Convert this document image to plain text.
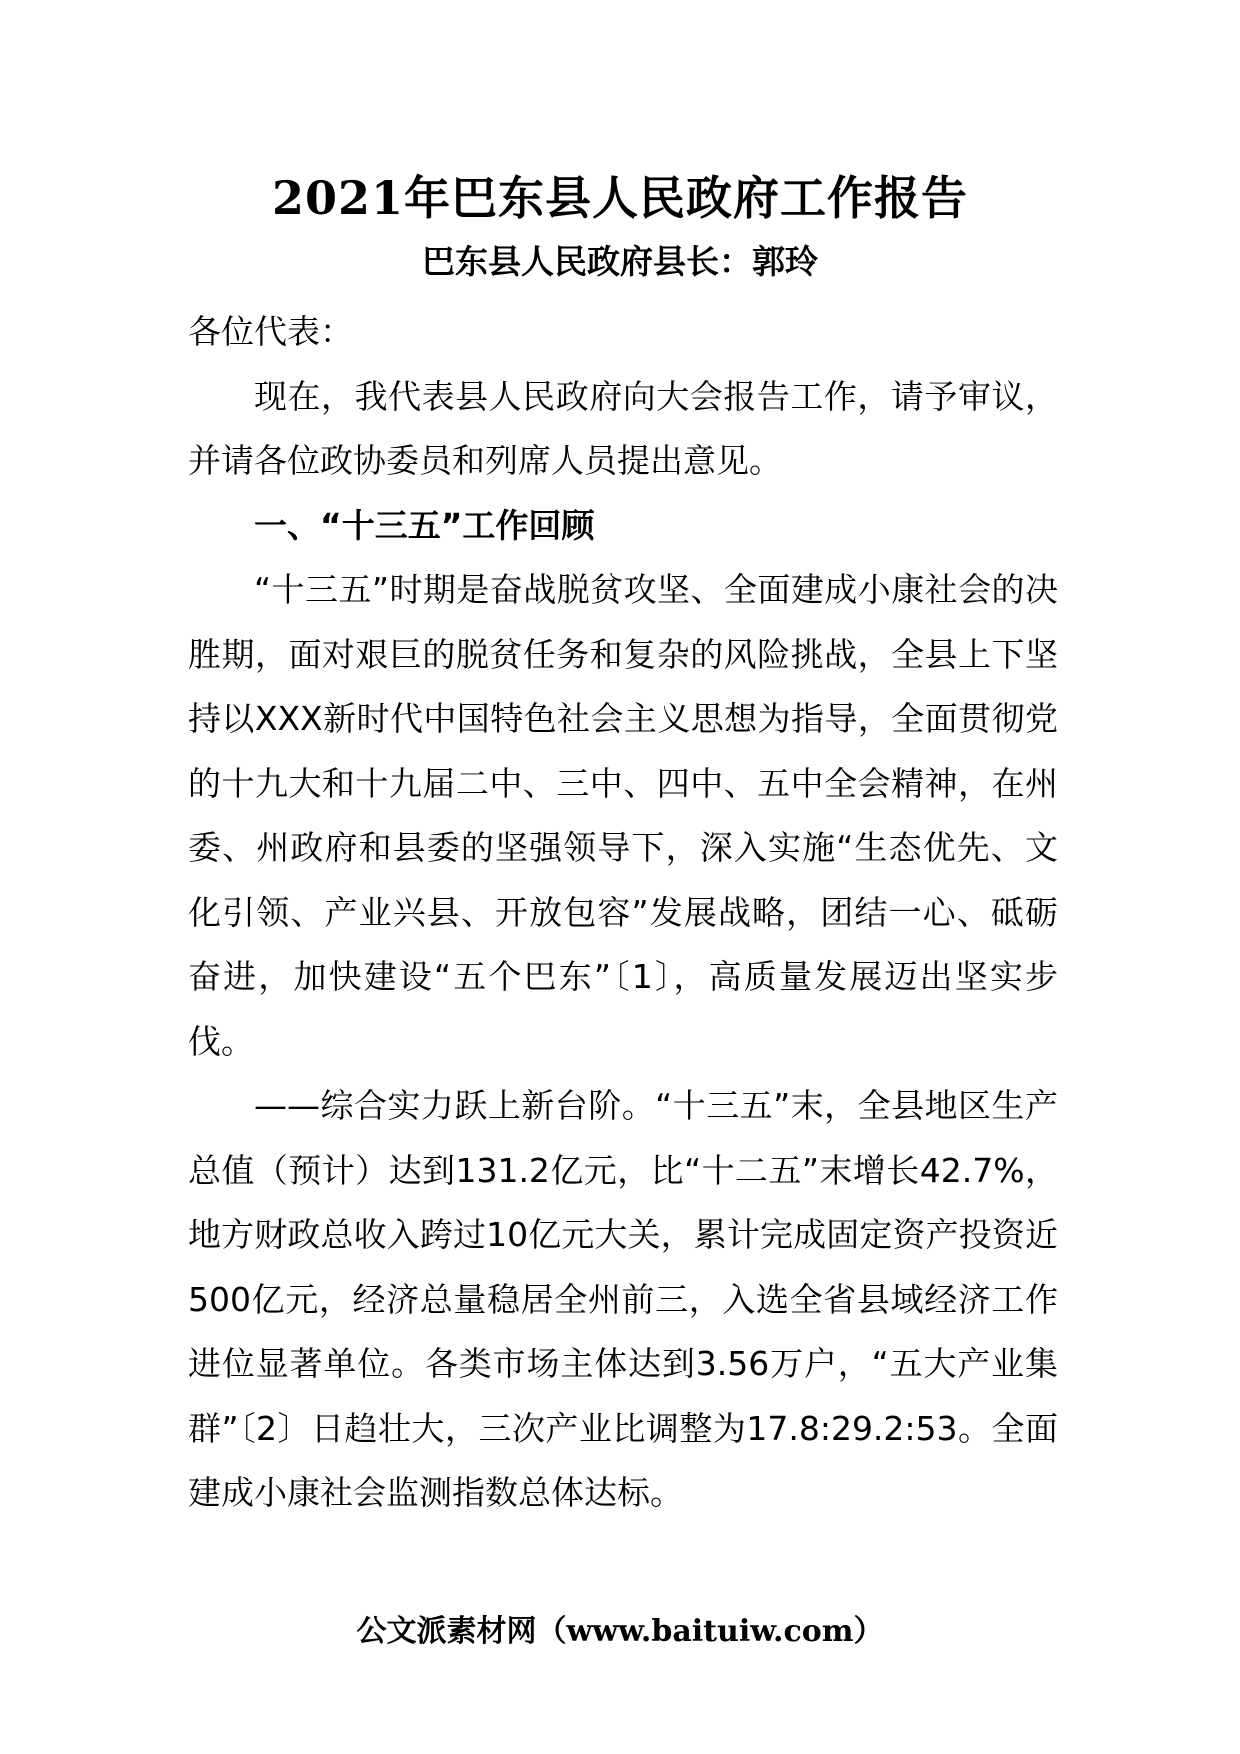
2021年巴东县人民政府工作报告
巴东县人民政府县长：郭玲

各位代表：

现在，我代表县人民政府向大会报告工作，请予审议，并请各位政协委员和列席人员提出意见。

一、“十三五”工作回顾

“十三五”时期是奋战脱贫攻坚、全面建成小康社会的决胜期，面对艰巨的脱贫任务和复杂的风险挑战，全县上下坚持以XXX新时代中国特色社会主义思想为指导，全面贯彻党的十九大和十九届二中、三中、四中、五中全会精神，在州委、州政府和县委的坚强领导下，深入实施“生态优先、文化引领、产业兴县、开放包容”发展战略，团结一心、砥砺奋进，加快建设“五个巴东”〔1〕，高质量发展迈出坚实步伐。

——综合实力跃上新台阶。“十三五”末，全县地区生产总值（预计）达到131.2亿元，比“十二五”末增长42.7%，地方财政总收入跨过10亿元大关，累计完成固定资产投资近500亿元，经济总量稳居全州前三，入选全省县域经济工作进位显著单位。各类市场主体达到3.56万户，“五大产业集群”〔2〕日趋壮大，三次产业比调整为17.8:29.2:53。全面建成小康社会监测指数总体达标。

公文派素材网（www.baituiw.com）
